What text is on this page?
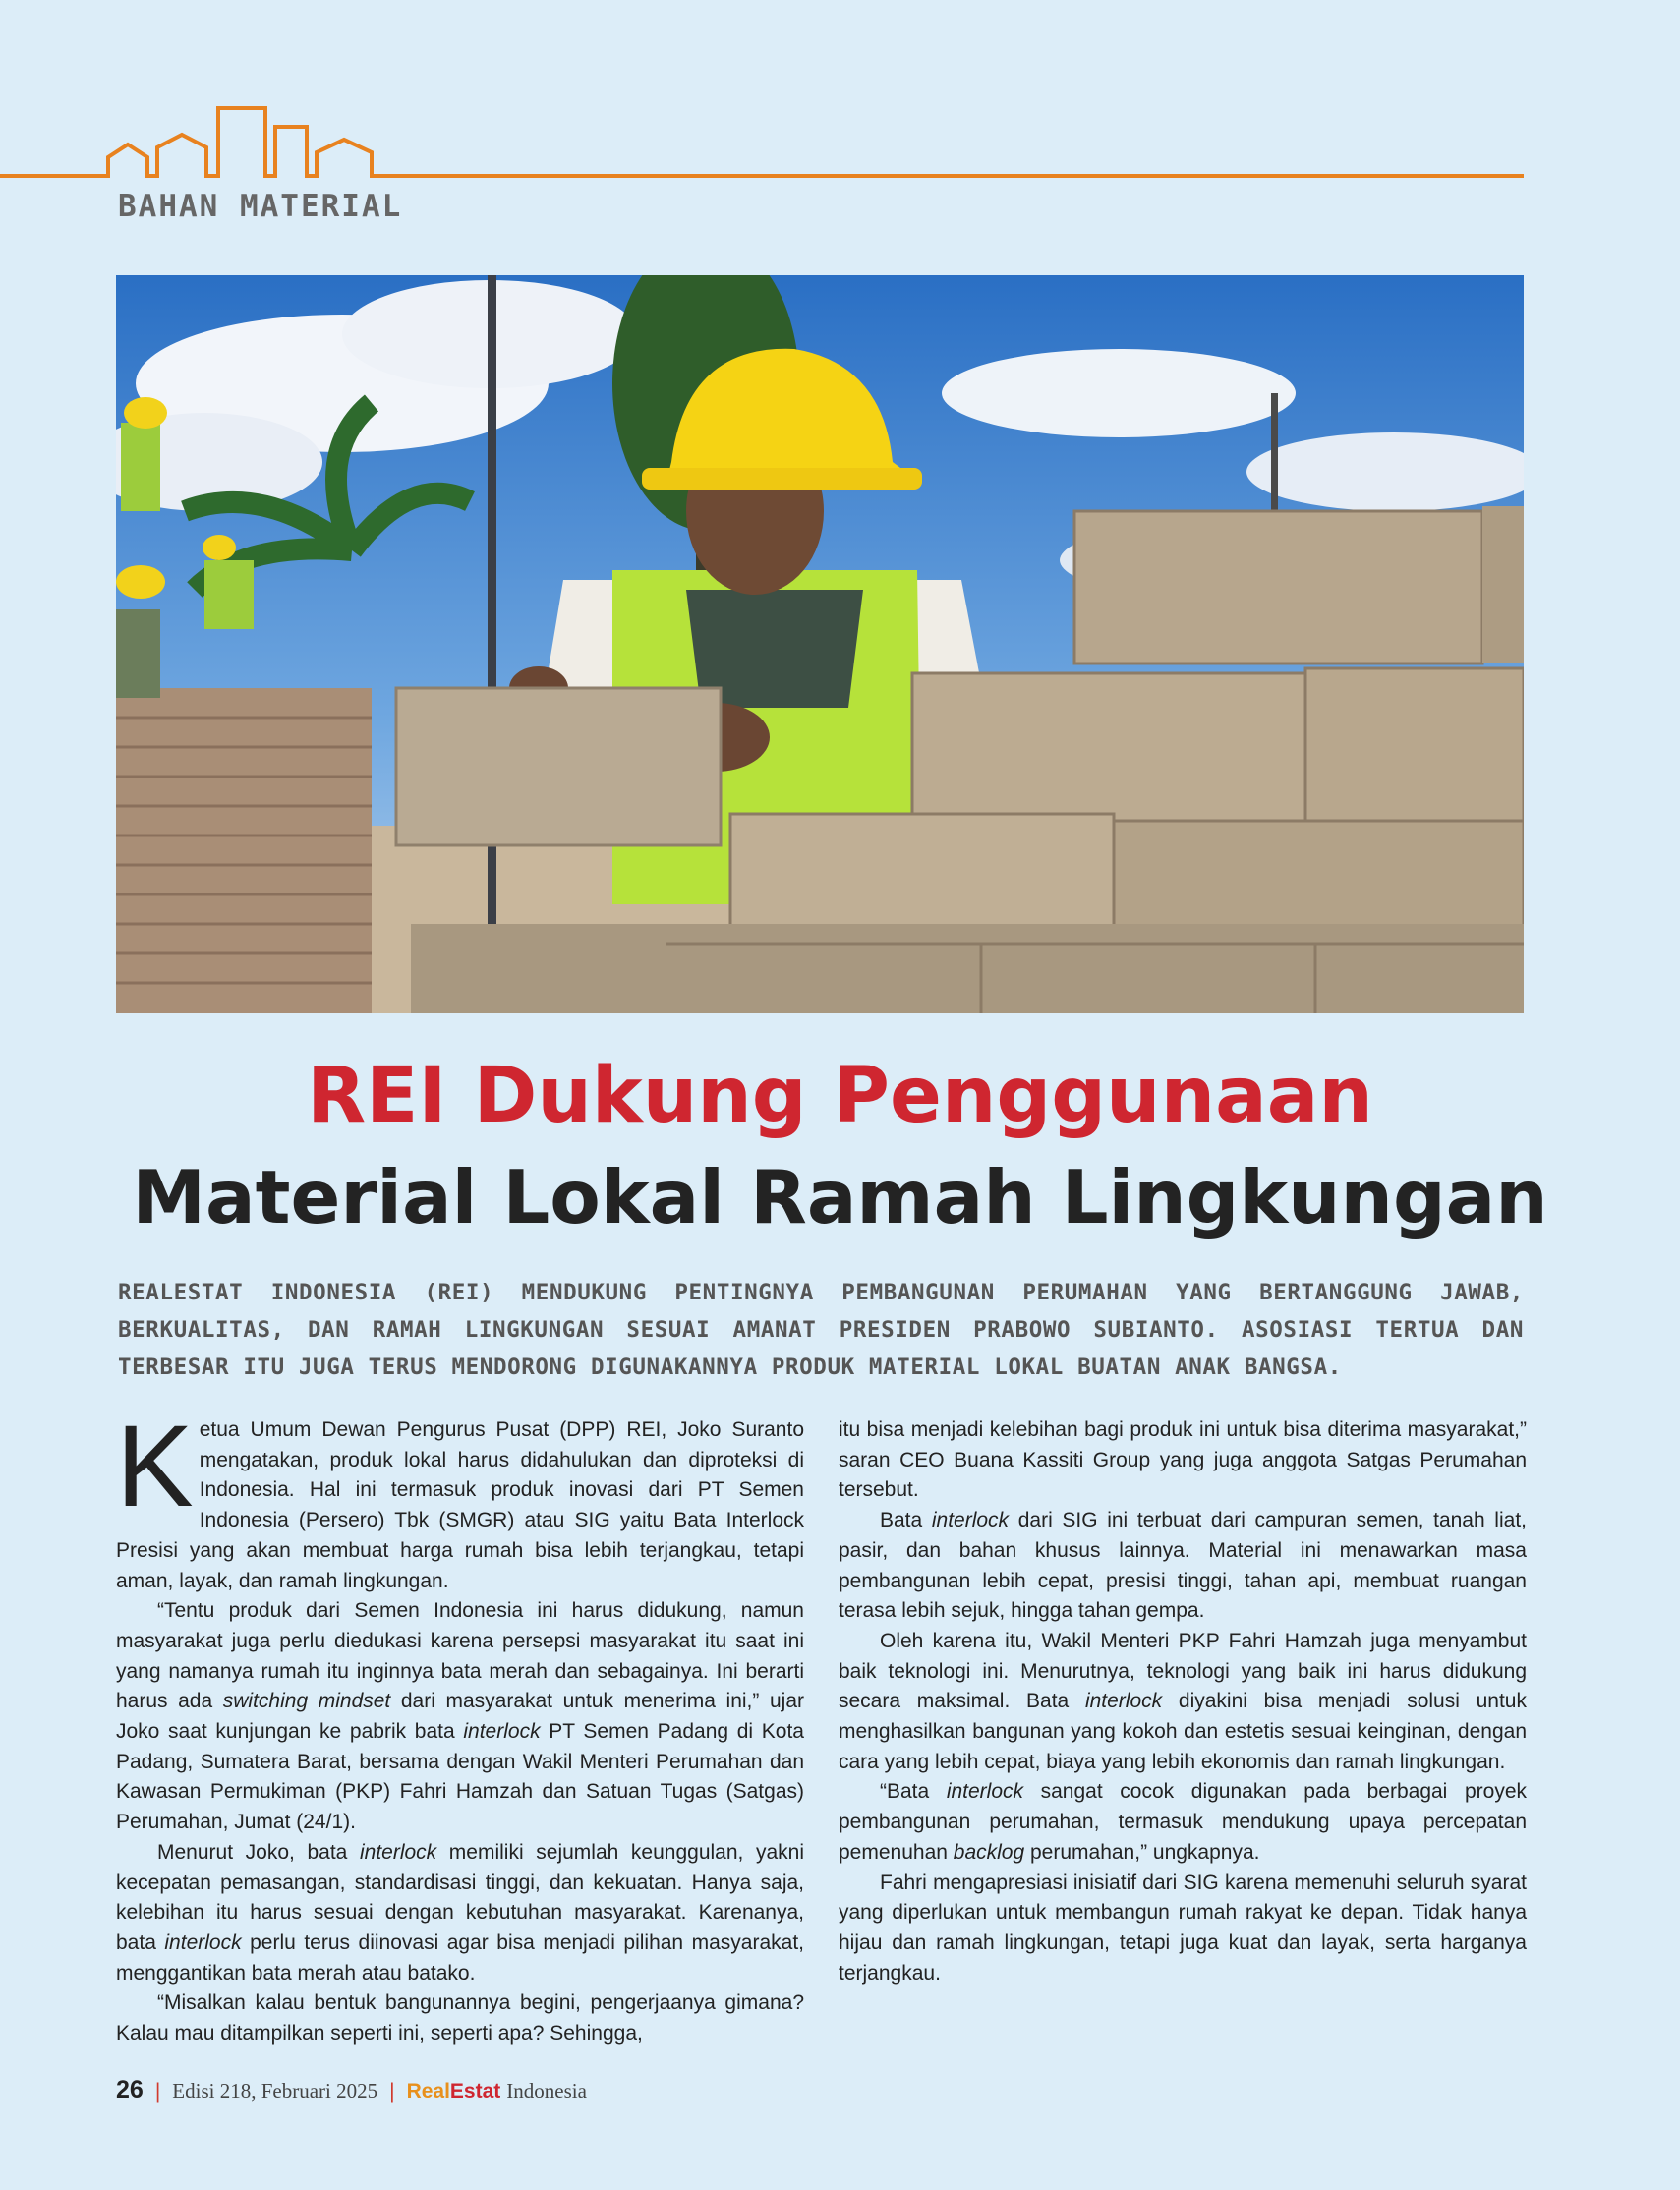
BAHAN MATERIAL
REI Dukung Penggunaan
Material Lokal Ramah Lingkungan
REALESTAT INDONESIA (REI) MENDUKUNG PENTINGNYA PEMBANGUNAN PERUMAHAN YANG BERTANGGUNG JAWAB, BERKUALITAS, DAN RAMAH LINGKUNGAN SESUAI AMANAT PRESIDEN PRABOWO SUBIANTO. ASOSIASI TERTUA DAN TERBESAR ITU JUGA TERUS MENDORONG DIGUNAKANNYA PRODUK MATERIAL LOKAL BUATAN ANAK BANGSA.

Ketua Umum Dewan Pengurus Pusat (DPP) REI, Joko Suranto mengatakan, produk lokal harus didahulukan dan diproteksi di Indonesia. Hal ini termasuk produk inovasi dari PT Semen Indonesia (Persero) Tbk (SMGR) atau SIG yaitu Bata Interlock Presisi yang akan membuat harga rumah bisa lebih terjangkau, tetapi aman, layak, dan ramah lingkungan.

“Tentu produk dari Semen Indonesia ini harus didukung, namun masyarakat juga perlu diedukasi karena persepsi masyarakat itu saat ini yang namanya rumah itu inginnya bata merah dan sebagainya. Ini berarti harus ada switching mindset dari masyarakat untuk menerima ini,” ujar Joko saat kunjungan ke pabrik bata interlock PT Semen Padang di Kota Padang, Sumatera Barat, bersama dengan Wakil Menteri Perumahan dan Kawasan Permukiman (PKP) Fahri Hamzah dan Satuan Tugas (Satgas) Perumahan, Jumat (24/1).

Menurut Joko, bata interlock memiliki sejumlah keunggulan, yakni kecepatan pemasangan, standardisasi tinggi, dan kekuatan. Hanya saja, kelebihan itu harus sesuai dengan kebutuhan masyarakat. Karenanya, bata interlock perlu terus diinovasi agar bisa menjadi pilihan masyarakat, menggantikan bata merah atau batako.

“Misalkan kalau bentuk bangunannya begini, pengerjaanya gimana? Kalau mau ditampilkan seperti ini, seperti apa? Sehingga,

itu bisa menjadi kelebihan bagi produk ini untuk bisa diterima masyarakat,” saran CEO Buana Kassiti Group yang juga anggota Satgas Perumahan tersebut.

Bata interlock dari SIG ini terbuat dari campuran semen, tanah liat, pasir, dan bahan khusus lainnya. Material ini menawarkan masa pembangunan lebih cepat, presisi tinggi, tahan api, membuat ruangan terasa lebih sejuk, hingga tahan gempa.

Oleh karena itu, Wakil Menteri PKP Fahri Hamzah juga menyambut baik teknologi ini. Menurutnya, teknologi yang baik ini harus didukung secara maksimal. Bata interlock diyakini bisa menjadi solusi untuk menghasilkan bangunan yang kokoh dan estetis sesuai keinginan, dengan cara yang lebih cepat, biaya yang lebih ekonomis dan ramah lingkungan.

“Bata interlock sangat cocok digunakan pada berbagai proyek pembangunan perumahan, termasuk mendukung upaya percepatan pemenuhan backlog perumahan,” ungkapnya.

Fahri mengapresiasi inisiatif dari SIG karena memenuhi seluruh syarat yang diperlukan untuk membangun rumah rakyat ke depan. Tidak hanya hijau dan ramah lingkungan, tetapi juga kuat dan layak, serta harganya terjangkau.

26 | Edisi 218, Februari 2025 | Real Estat Indonesia
